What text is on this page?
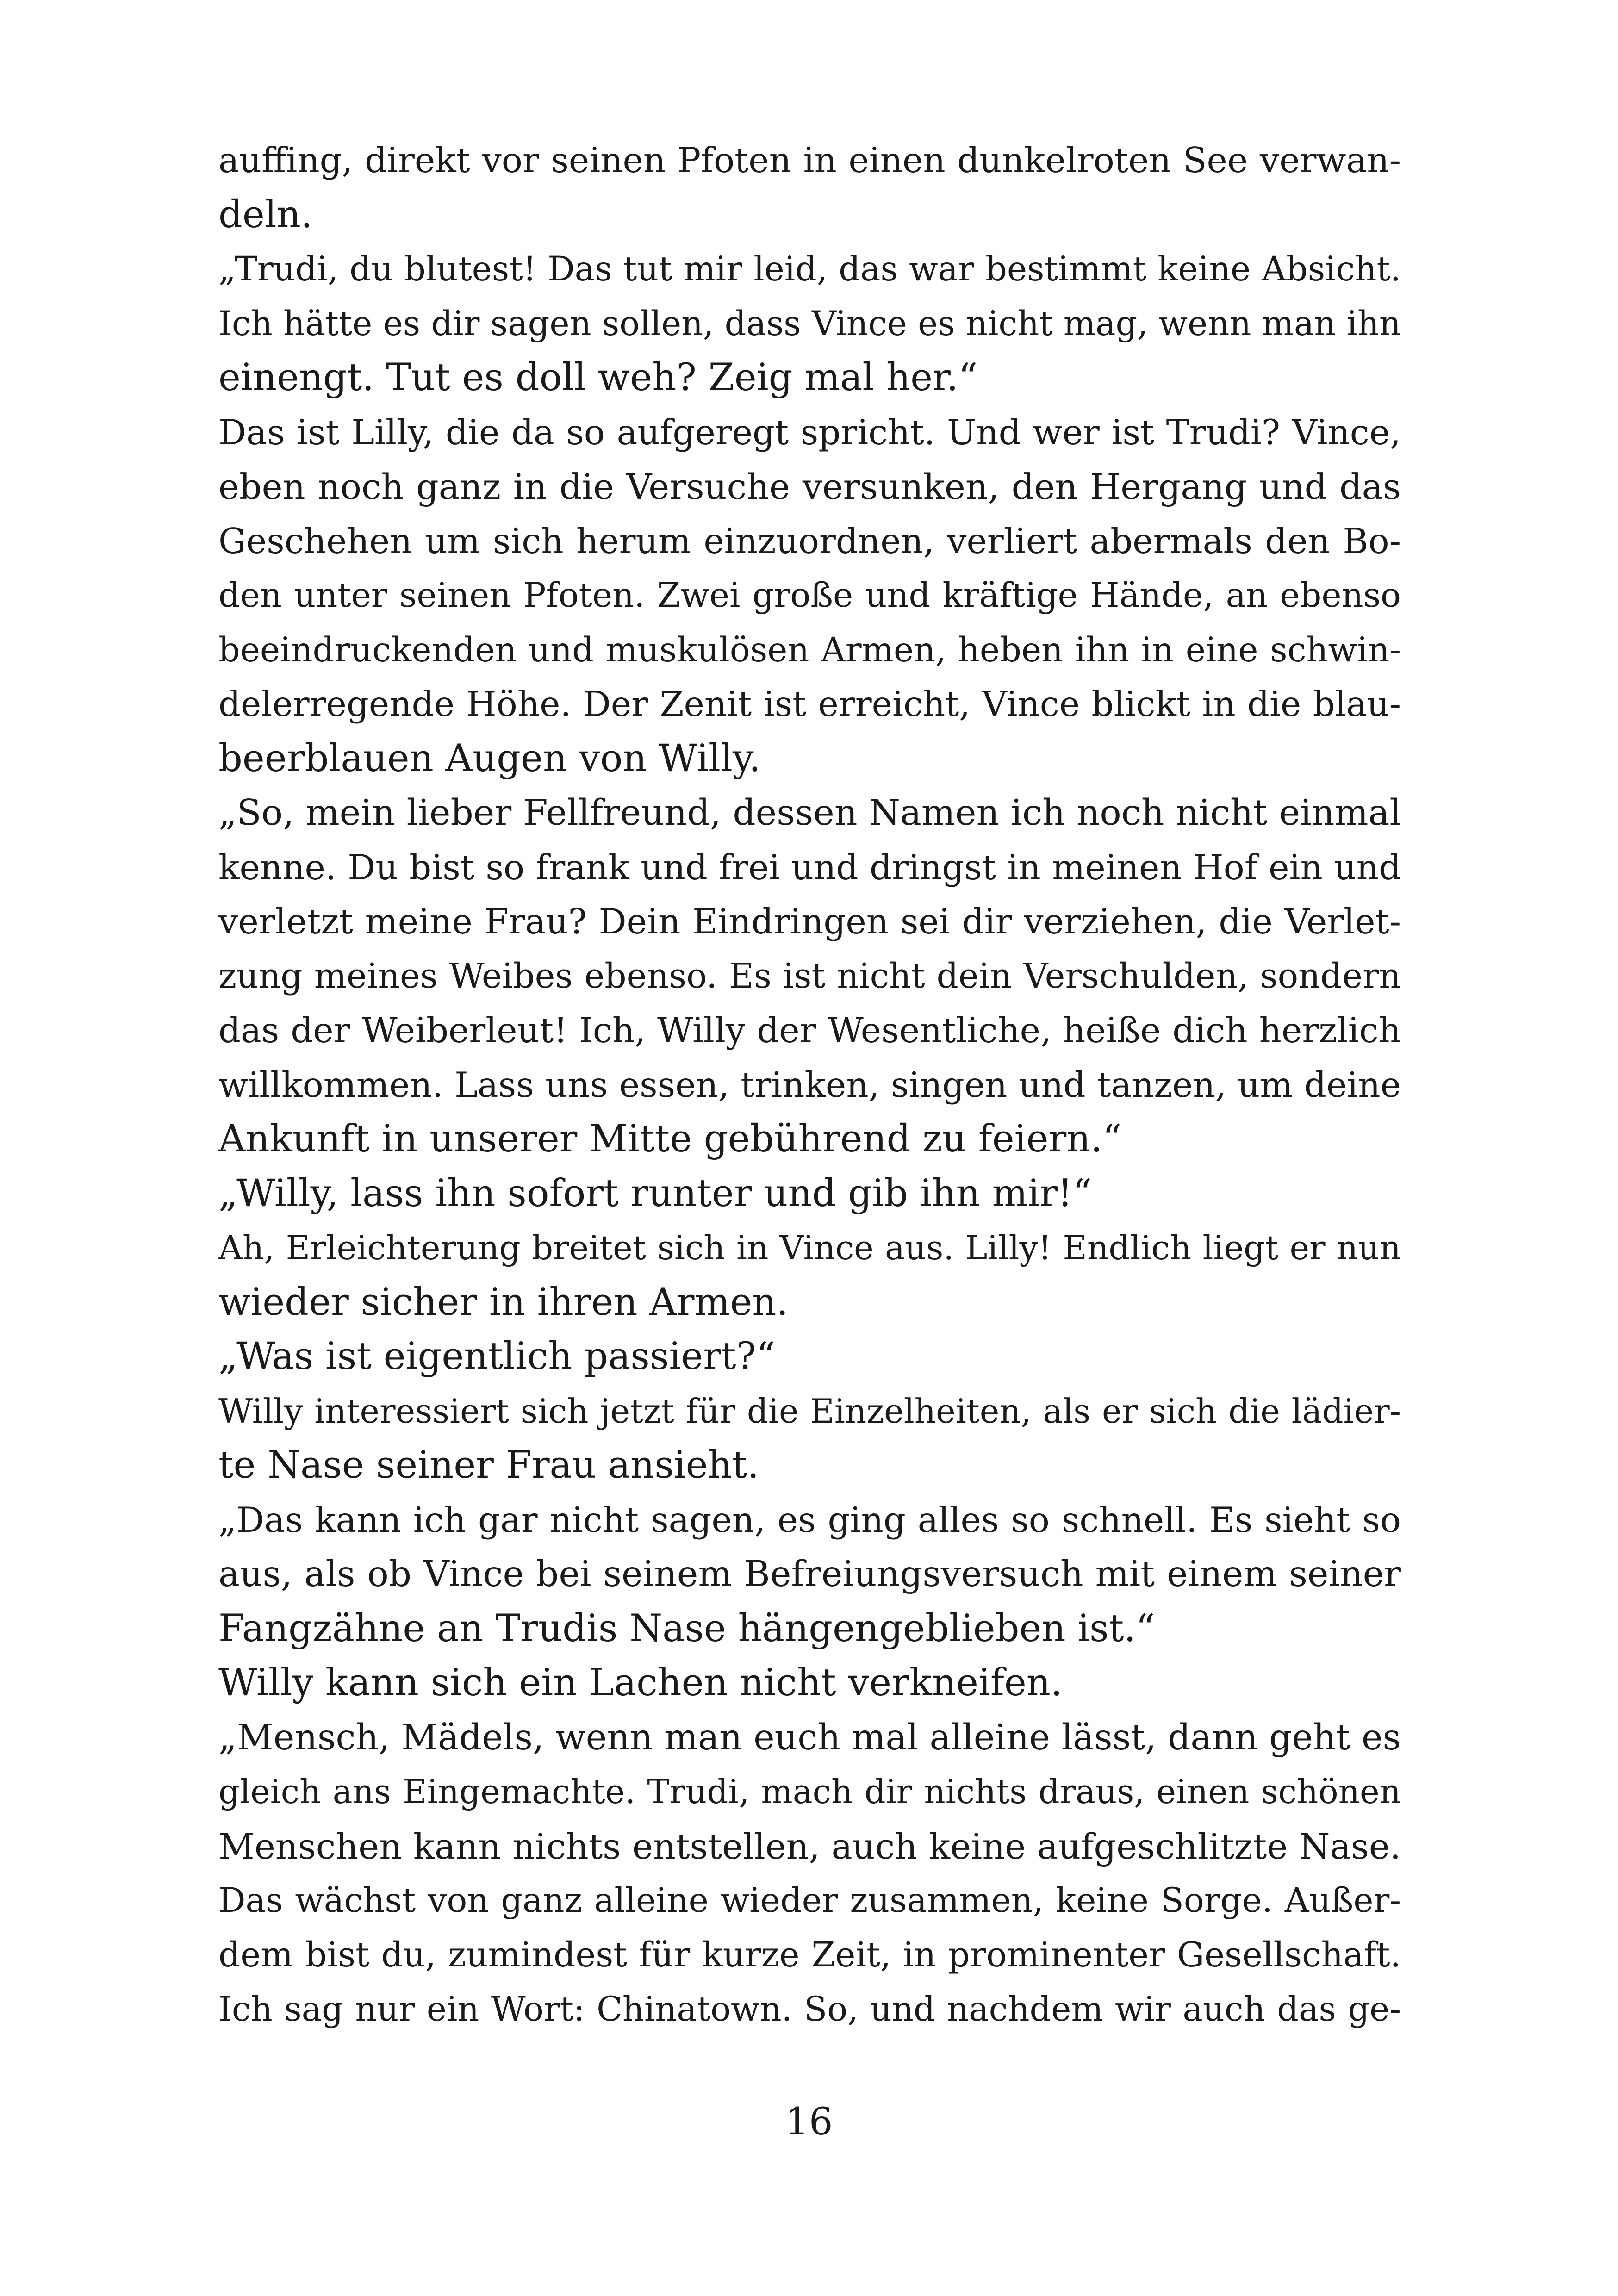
auffing, direkt vor seinen Pfoten in einen dunkelroten See verwan-
deln.
„Trudi, du blutest! Das tut mir leid, das war bestimmt keine Absicht.
Ich hätte es dir sagen sollen, dass Vince es nicht mag, wenn man ihn
einengt. Tut es doll weh? Zeig mal her.“
Das ist Lilly, die da so aufgeregt spricht. Und wer ist Trudi? Vince,
eben noch ganz in die Versuche versunken, den Hergang und das
Geschehen um sich herum einzuordnen, verliert abermals den Bo-
den unter seinen Pfoten. Zwei große und kräftige Hände, an ebenso
beeindruckenden und muskulösen Armen, heben ihn in eine schwin-
delerregende Höhe. Der Zenit ist erreicht, Vince blickt in die blau-
beerblauen Augen von Willy.
„So, mein lieber Fellfreund, dessen Namen ich noch nicht einmal
kenne. Du bist so frank und frei und dringst in meinen Hof ein und
verletzt meine Frau? Dein Eindringen sei dir verziehen, die Verlet-
zung meines Weibes ebenso. Es ist nicht dein Verschulden, sondern
das der Weiberleut! Ich, Willy der Wesentliche, heiße dich herzlich
willkommen. Lass uns essen, trinken, singen und tanzen, um deine
Ankunft in unserer Mitte gebührend zu feiern.“
„Willy, lass ihn sofort runter und gib ihn mir!“
Ah, Erleichterung breitet sich in Vince aus. Lilly! Endlich liegt er nun
wieder sicher in ihren Armen.
„Was ist eigentlich passiert?“
Willy interessiert sich jetzt für die Einzelheiten, als er sich die lädier-
te Nase seiner Frau ansieht.
„Das kann ich gar nicht sagen, es ging alles so schnell. Es sieht so
aus, als ob Vince bei seinem Befreiungsversuch mit einem seiner
Fangzähne an Trudis Nase hängengeblieben ist.“
Willy kann sich ein Lachen nicht verkneifen.
„Mensch, Mädels, wenn man euch mal alleine lässt, dann geht es
gleich ans Eingemachte. Trudi, mach dir nichts draus, einen schönen
Menschen kann nichts entstellen, auch keine aufgeschlitzte Nase.
Das wächst von ganz alleine wieder zusammen, keine Sorge. Außer-
dem bist du, zumindest für kurze Zeit, in prominenter Gesellschaft.
Ich sag nur ein Wort: Chinatown. So, und nachdem wir auch das ge-
16
